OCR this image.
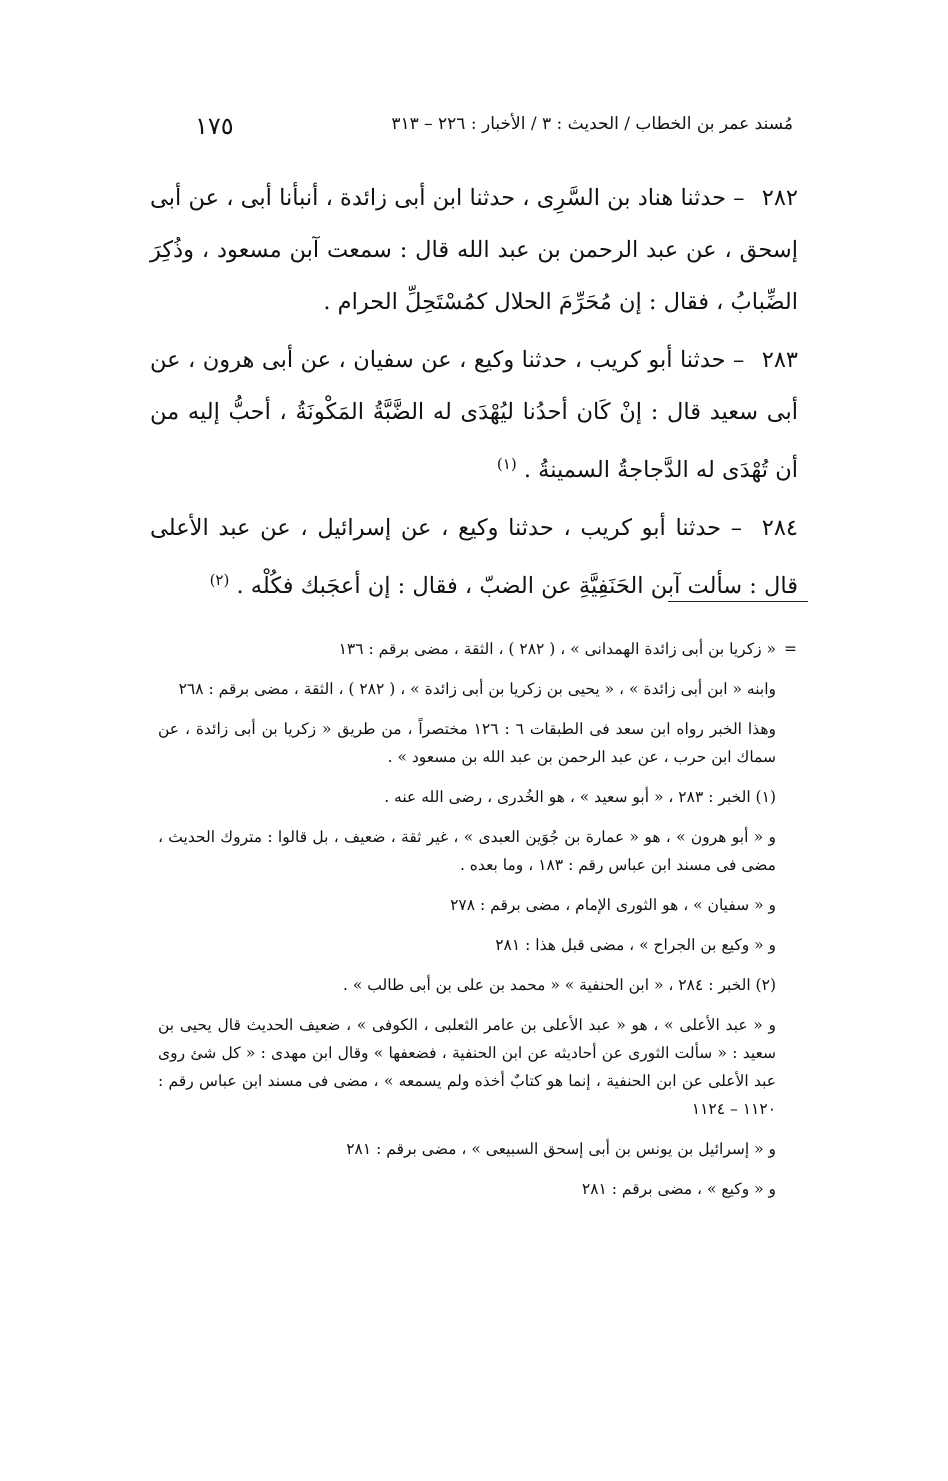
١٧٥	مُسند عمر بن الخطاب / الحديث : ٣ / الأخبار : ٢٢٦ – ٣١٣

٢٨٢ – حدثنا هناد بن السَّرِى ، حدثنا ابن أبى زائدة ، أنبأنا أبى ، عن أبى إسحق ، عن عبد الرحمن بن عبد الله قال : سمعت آبن مسعود ، وذُكِرَ الضِّبابُ ، فقال : إن مُحَرِّمَ الحلال كمُسْتَحِلِّ الحرام .

٢٨٣ – حدثنا أبو كريب ، حدثنا وكيع ، عن سفيان ، عن أبى هرون ، عن أبى سعيد قال : إنْ كَان أحدُنا ليُهْدَى له الضَّبَّةُ المَكْونَةُ ، أحبُّ إليه من أن تُهْدَى له الدَّجاجةُ السمينةُ . $^{(١)}$

٢٨٤ – حدثنا أبو كريب ، حدثنا وكيع ، عن إسرائيل ، عن عبد الأعلى قال : سألت آبن الحَنَفِيَّةِ عن الضبّ ، فقال : إن أعجَبك فكُلْه . $^{(٢)}$

=« زكريا بن أبى زائدة الهمدانى » ، ( ٢٨٢ ) ، الثقة ، مضى برقم : ١٣٦

وابنه « ابن أبى زائدة » ، « يحيى بن زكريا بن أبى زائدة » ، ( ٢٨٢ ) ، الثقة ، مضى برقم : ٢٦٨

وهذا الخبر رواه ابن سعد فى الطبقات ٦ : ١٢٦ مختصراً ، من طريق « زكريا بن أبى زائدة ، عن سماك ابن حرب ، عن عبد الرحمن بن عبد الله بن مسعود » .

(١) الخبر : ٢٨٣ ، « أبو سعيد » ، هو الخُدرى ، رضى الله عنه .

و « أبو هرون » ، هو « عمارة بن جُوَين العبدى » ، غير ثقة ، ضعيف ، بل قالوا : متروك الحديث ، مضى فى مسند ابن عباس رقم : ١٨٣ ، وما بعده .

و « سفيان » ، هو الثورى الإمام ، مضى برقم : ٢٧٨

و « وكيع بن الجراح » ، مضى قبل هذا : ٢٨١

(٢) الخبر : ٢٨٤ ، « ابن الحنفية » « محمد بن على بن أبى طالب » .

و « عبد الأعلى » ، هو « عبد الأعلى بن عامر الثعلبى ، الكوفى » ، ضعيف الحديث قال يحيى بن سعيد : « سألت الثورى عن أحاديثه عن ابن الحنفية ، فضعفها » وقال ابن مهدى : « كل شئ روى عبد الأعلى عن ابن الحنفية ، إنما هو كتابٌ أخذه ولم يسمعه » ، مضى فى مسند ابن عباس رقم : ١١٢٠ – ١١٢٤

و « إسرائيل بن يونس بن أبى إسحق السبيعى » ، مضى برقم : ٢٨١

و « وكيع » ، مضى برقم : ٢٨١
